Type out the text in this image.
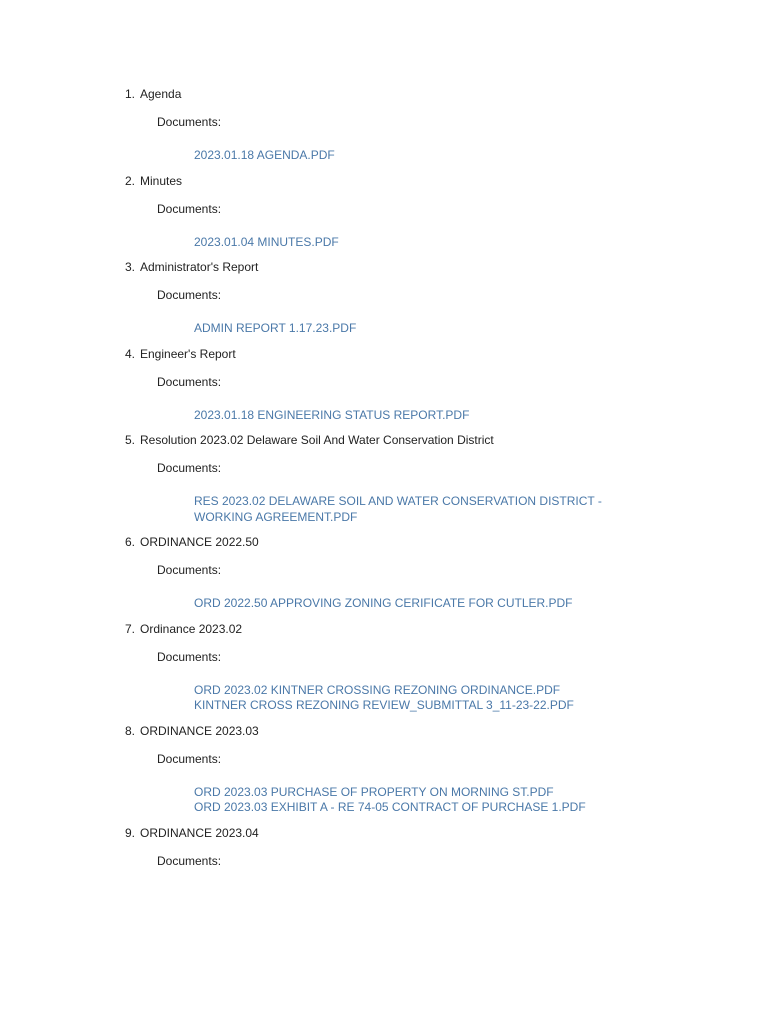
1. Agenda
Documents:
2023.01.18 AGENDA.PDF
2. Minutes
Documents:
2023.01.04 MINUTES.PDF
3. Administrator's Report
Documents:
ADMIN REPORT 1.17.23.PDF
4. Engineer's Report
Documents:
2023.01.18 ENGINEERING STATUS REPORT.PDF
5. Resolution 2023.02 Delaware Soil And Water Conservation District
Documents:
RES 2023.02 DELAWARE SOIL AND WATER CONSERVATION DISTRICT - WORKING AGREEMENT.PDF
6. ORDINANCE 2022.50
Documents:
ORD 2022.50 APPROVING ZONING CERIFICATE FOR CUTLER.PDF
7. Ordinance 2023.02
Documents:
ORD 2023.02 KINTNER CROSSING REZONING ORDINANCE.PDF
KINTNER CROSS REZONING REVIEW_SUBMITTAL 3_11-23-22.PDF
8. ORDINANCE 2023.03
Documents:
ORD 2023.03 PURCHASE OF PROPERTY ON MORNING ST.PDF
ORD 2023.03 EXHIBIT A - RE 74-05 CONTRACT OF PURCHASE 1.PDF
9. ORDINANCE 2023.04
Documents:
